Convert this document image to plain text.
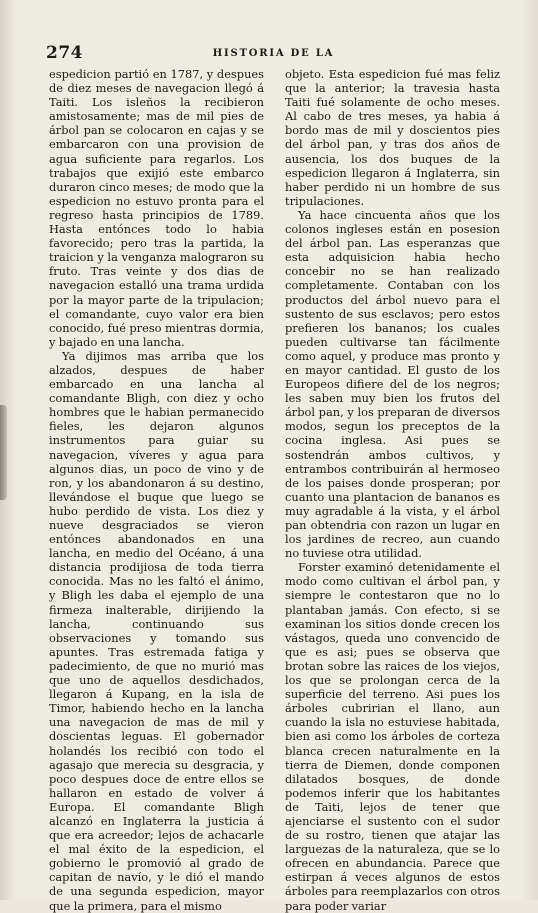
274	HISTORIA DE LA

espedicion partió en 1787, y despues de diez meses de navegacion llegó á Taiti. Los isleños la recibieron amistosamente; mas de mil pies de árbol pan se colocaron en cajas y se embarcaron con una provision de agua suficiente para regarlos. Los trabajos que exijió este embarco duraron cinco meses; de modo que la espedicion no estuvo pronta para el regreso hasta principios de 1789. Hasta entónces todo lo habia favorecido; pero tras la partida, la traicion y la venganza malograron su fruto. Tras veinte y dos dias de navegacion estalló una trama urdida por la mayor parte de la tripulacion; el comandante, cuyo valor era bien conocido, fué preso mientras dormia, y bajado en una lancha.

Ya dijimos mas arriba que los alzados, despues de haber embarcado en una lancha al comandante Bligh, con diez y ocho hombres que le habian permanecido fieles, les dejaron algunos instrumentos para guiar su navegacion, víveres y agua para algunos dias, un poco de vino y de ron, y los abandonaron á su destino, llevándose el buque que luego se hubo perdido de vista. Los diez y nueve desgraciados se vieron entónces abandonados en una lancha, en medio del Océano, á una distancia prodijiosa de toda tierra conocida. Mas no les faltó el ánimo, y Bligh les daba el ejemplo de una firmeza inalterable, dirijiendo la lancha, continuando sus observaciones y tomando sus apuntes. Tras estremada fatiga y padecimiento, de que no murió mas que uno de aquellos desdichados, llegaron á Kupang, en la isla de Timor, habiendo hecho en la lancha una navegacion de mas de mil y doscientas leguas. El gobernador holandés los recibió con todo el agasajo que merecia su desgracia, y poco despues doce de entre ellos se hallaron en estado de volver á Europa. El comandante Bligh alcanzó en Inglaterra la justicia á que era acreedor; lejos de achacarle el mal éxito de la espedicion, el gobierno le promovió al grado de capitan de navío, y le dió el mando de una segunda espedicion, mayor que la primera, para el mismo

objeto. Esta espedicion fué mas feliz que la anterior; la travesia hasta Taiti fué solamente de ocho meses. Al cabo de tres meses, ya habia á bordo mas de mil y doscientos pies del árbol pan, y tras dos años de ausencia, los dos buques de la espedicion llegaron á Inglaterra, sin haber perdido ni un hombre de sus tripulaciones.

Ya hace cincuenta años que los colonos ingleses están en posesion del árbol pan. Las esperanzas que esta adquisicion habia hecho concebir no se han realizado completamente. Contaban con los productos del árbol nuevo para el sustento de sus esclavos; pero estos prefieren los bananos; los cuales pueden cultivarse tan fácilmente como aquel, y produce mas pronto y en mayor cantidad. El gusto de los Europeos difiere del de los negros; les saben muy bien los frutos del árbol pan, y los preparan de diversos modos, segun los preceptos de la cocina inglesa. Asi pues se sostendrán ambos cultivos, y entrambos contribuirán al hermoseo de los paises donde prosperan; por cuanto una plantacion de bananos es muy agradable á la vista, y el árbol pan obtendria con razon un lugar en los jardines de recreo, aun cuando no tuviese otra utilidad.

Forster examinó detenidamente el modo como cultivan el árbol pan, y siempre le contestaron que no lo plantaban jamás. Con efecto, si se examinan los sitios donde crecen los vástagos, queda uno convencido de que es asi; pues se observa que brotan sobre las raices de los viejos, los que se prolongan cerca de la superficie del terreno. Asi pues los árboles cubririan el llano, aun cuando la isla no estuviese habitada, bien asi como los árboles de corteza blanca crecen naturalmente en la tierra de Diemen, donde componen dilatados bosques, de donde podemos inferir que los habitantes de Taiti, lejos de tener que ajenciarse el sustento con el sudor de su rostro, tienen que atajar las larguezas de la naturaleza, que se lo ofrecen en abundancia. Parece que estirpan á veces algunos de estos árboles para reemplazarlos con otros para poder variar
